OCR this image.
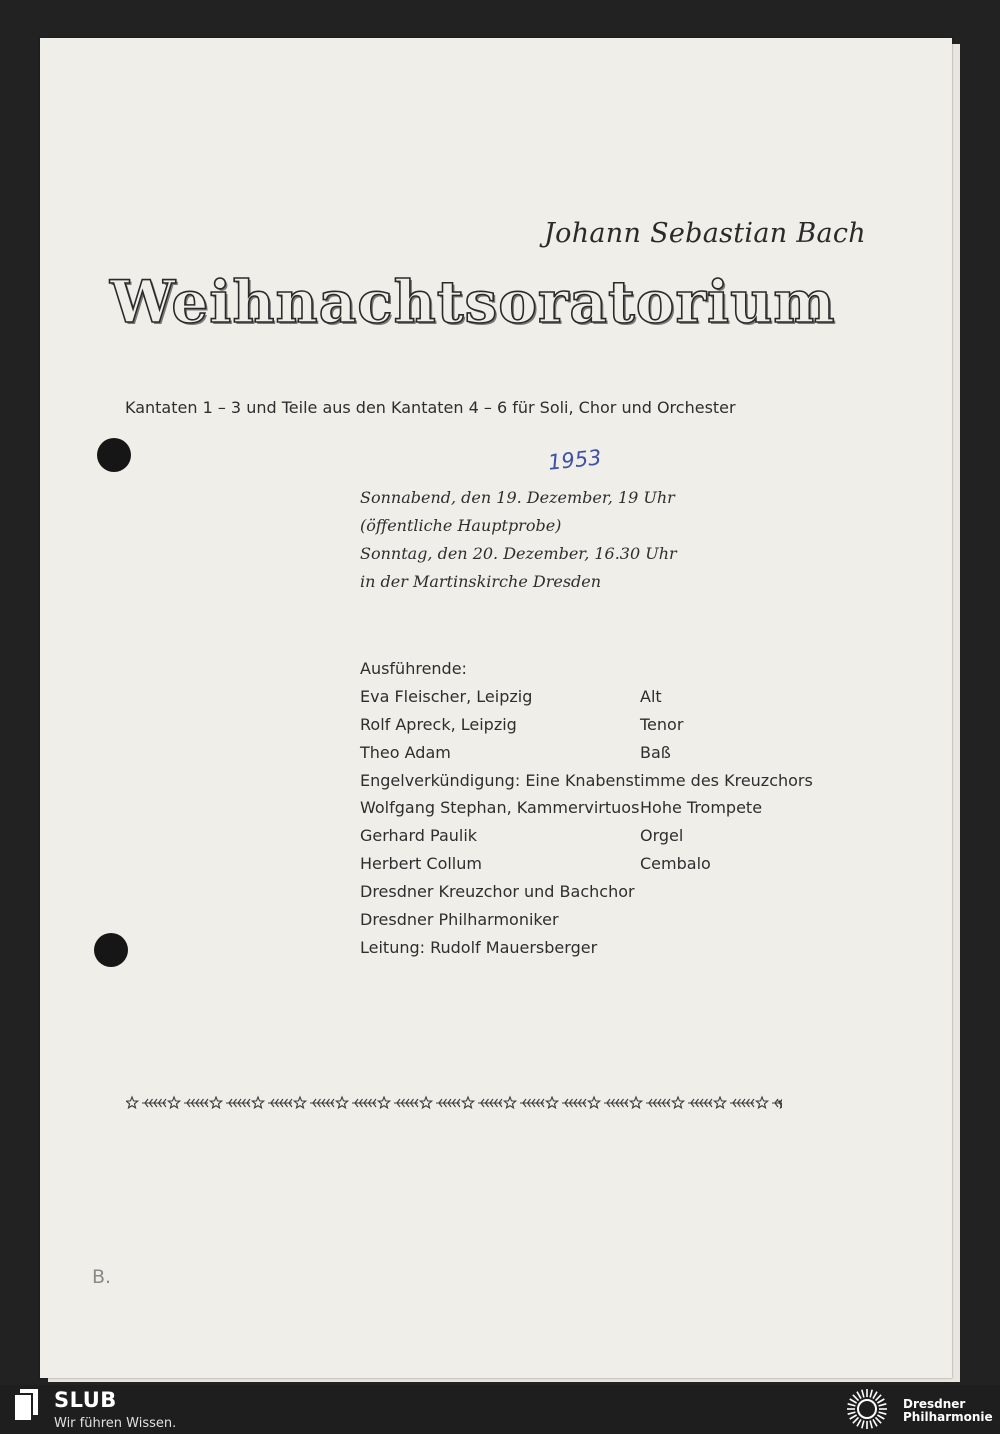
Johann Sebastian Bach
Weihnachtsoratorium
Kantaten 1 – 3 und Teile aus den Kantaten 4 – 6 für Soli, Chor und Orchester
1953
Sonnabend, den 19. Dezember, 19 Uhr
(öffentliche Hauptprobe)
Sonntag, den 20. Dezember, 16.30 Uhr
in der Martinskirche Dresden
Ausführende:
Eva Fleischer, Leipzig	Alt
Rolf Apreck, Leipzig	Tenor
Theo Adam	Baß
Engelverkündigung: Eine Knabenstimme des Kreuzchors
Wolfgang Stephan, Kammervirtuos Hohe Trompete
Gerhard Paulik	Orgel
Herbert Collum	Cembalo
Dresdner Kreuzchor und Bachchor
Dresdner Philharmoniker
Leitung: Rudolf Mauersberger
B.
SLUB
Wir führen Wissen.
Dresdner
Philharmonie
